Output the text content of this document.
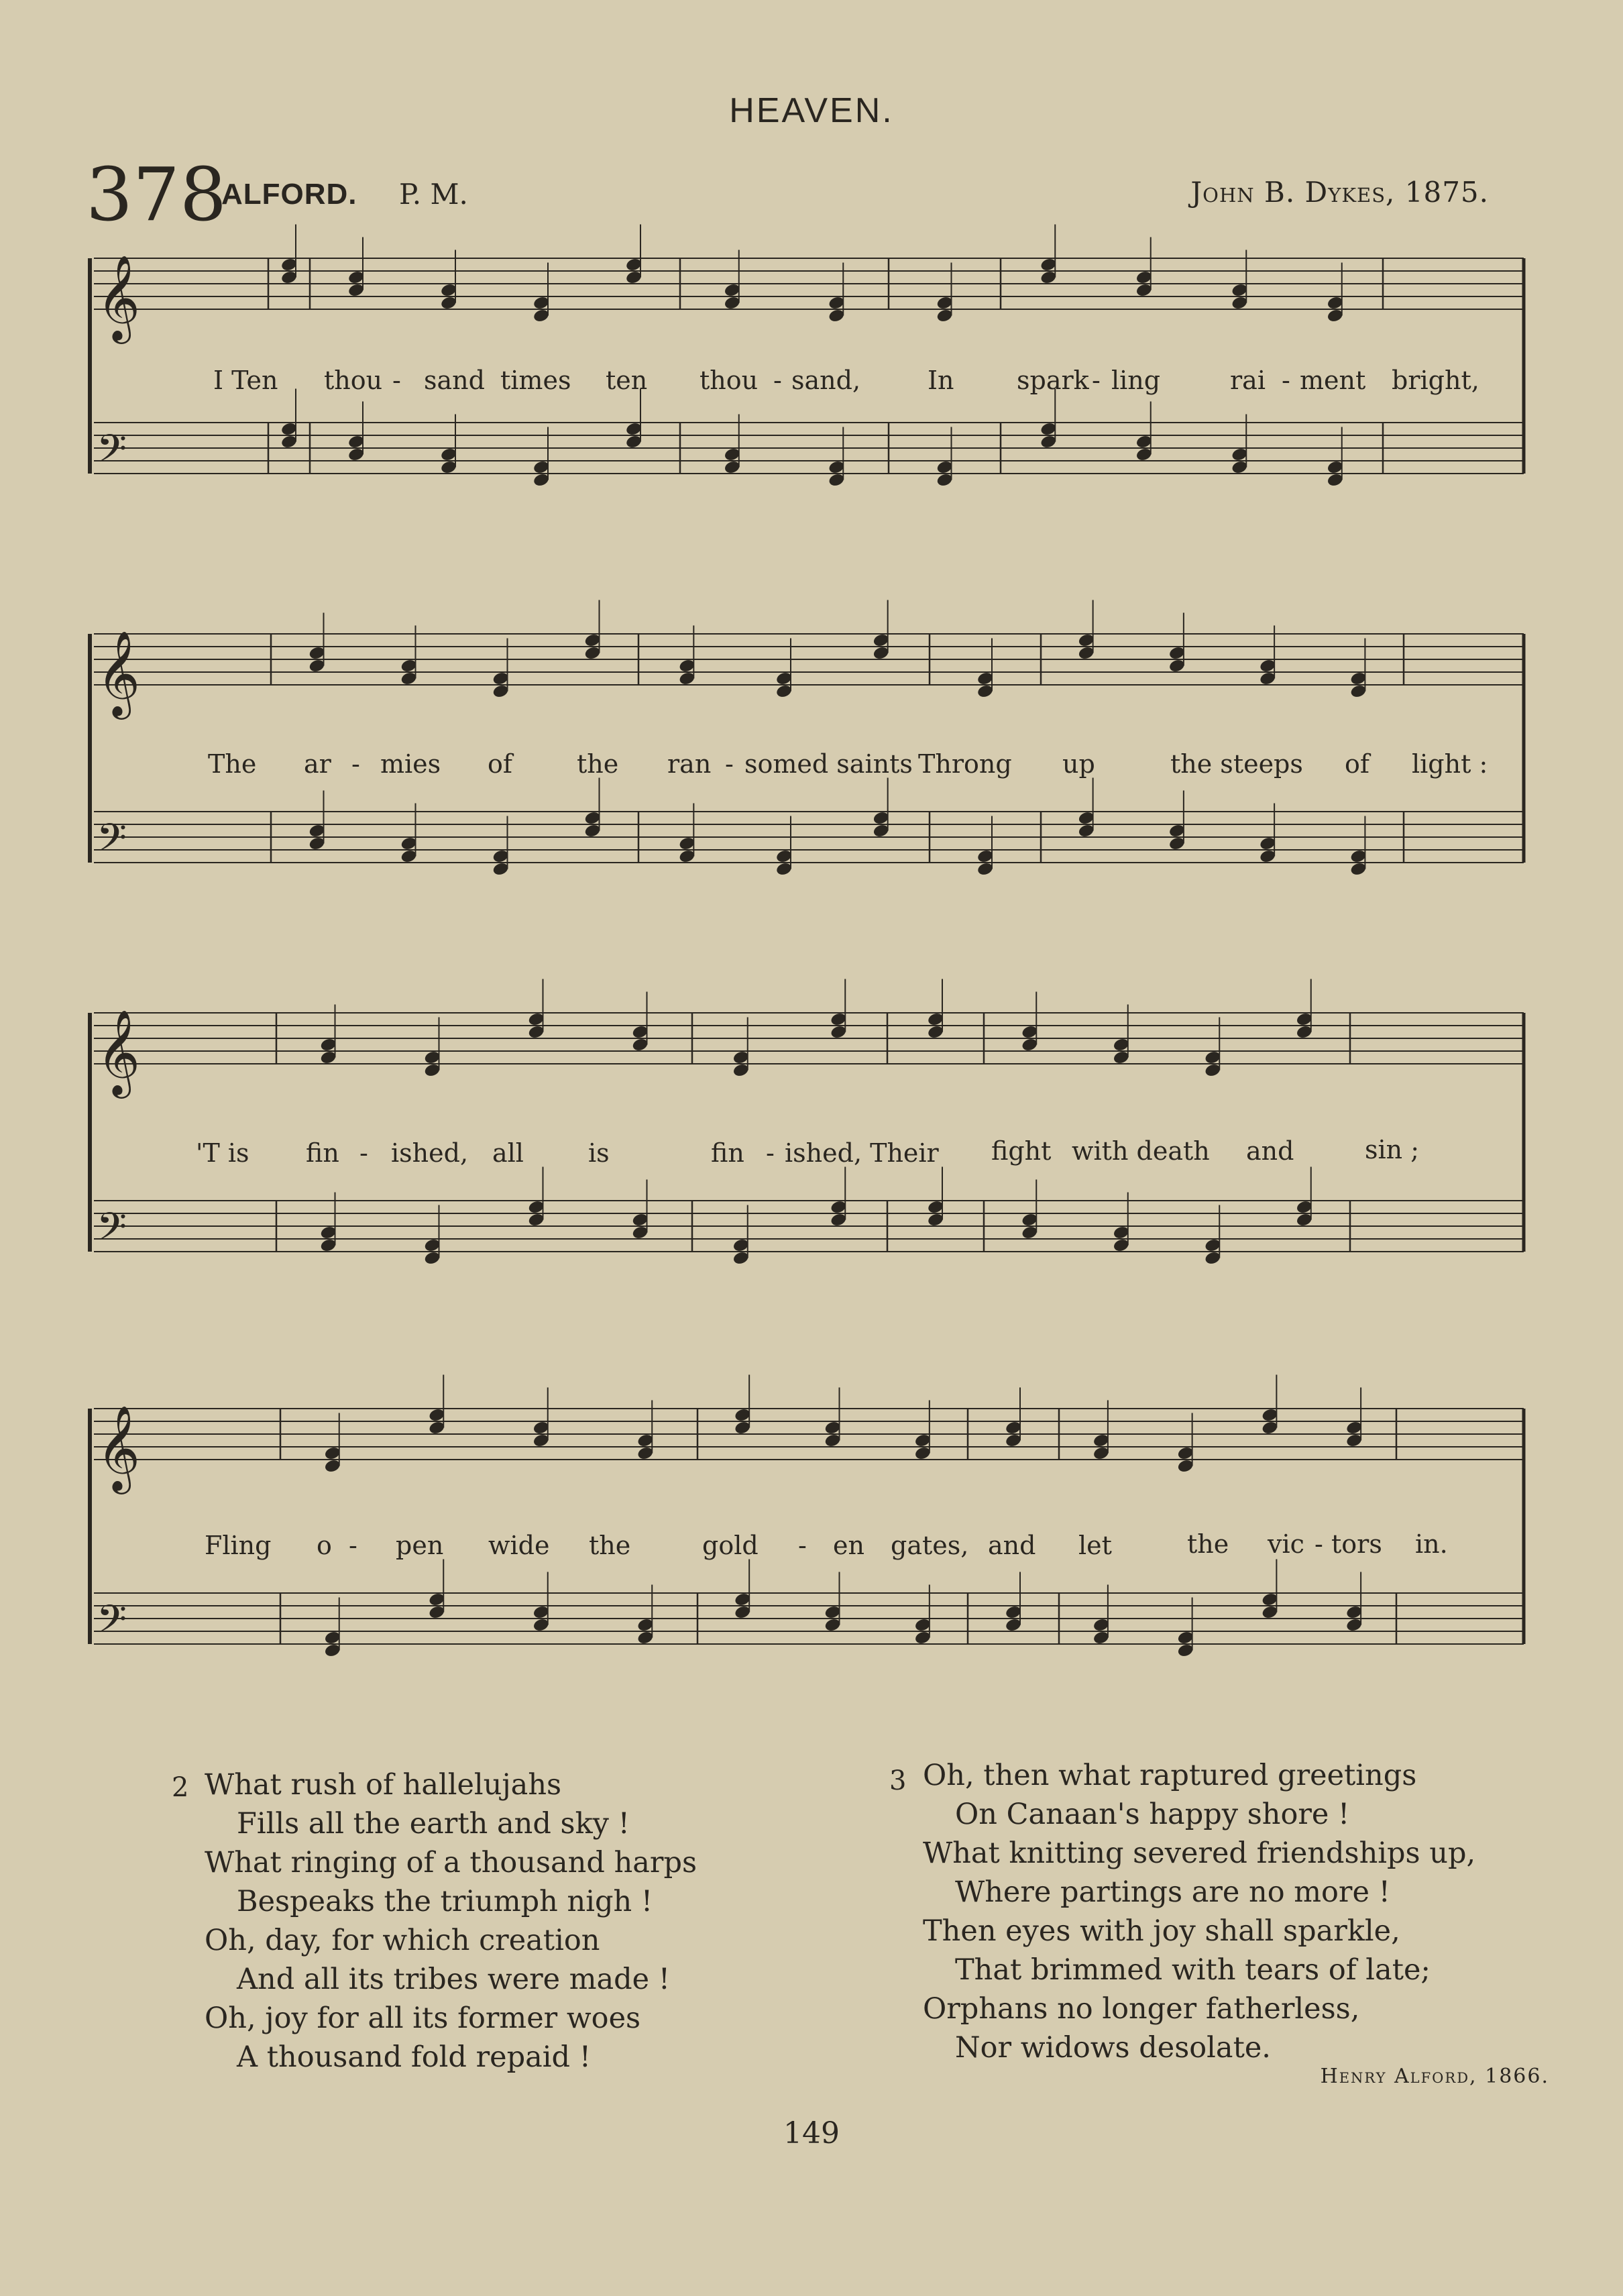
HEAVEN.
378
ALFORD. P. M.	John B. Dykes, 1875.
𝄞
𝄢
𝄞
𝄢
𝄞
𝄢
𝄞
𝄢
I Ten thou - sand times ten thou - sand,	In spark - ling	rai - ment bright,
The ar - mies of	the ran - somed saints Throng up	the steeps of light :
'T is fin - ished, all	is	fin - ished, Their fight with death and	sin ;
Fling o - pen wide the	gold - en gates, and let	the vic - tors in.
2 What rush of hallelujahs
Fills all the earth and sky !
What ringing of a thousand harps
Bespeaks the triumph nigh !
Oh, day, for which creation
And all its tribes were made !
Oh, joy for all its former woes
A thousand fold repaid !
3 Oh, then what raptured greetings
On Canaan's happy shore !
What knitting severed friendships up,
Where partings are no more !
Then eyes with joy shall sparkle,
That brimmed with tears of late;
Orphans no longer fatherless,
Nor widows desolate.
Henry Alford, 1866.
149
